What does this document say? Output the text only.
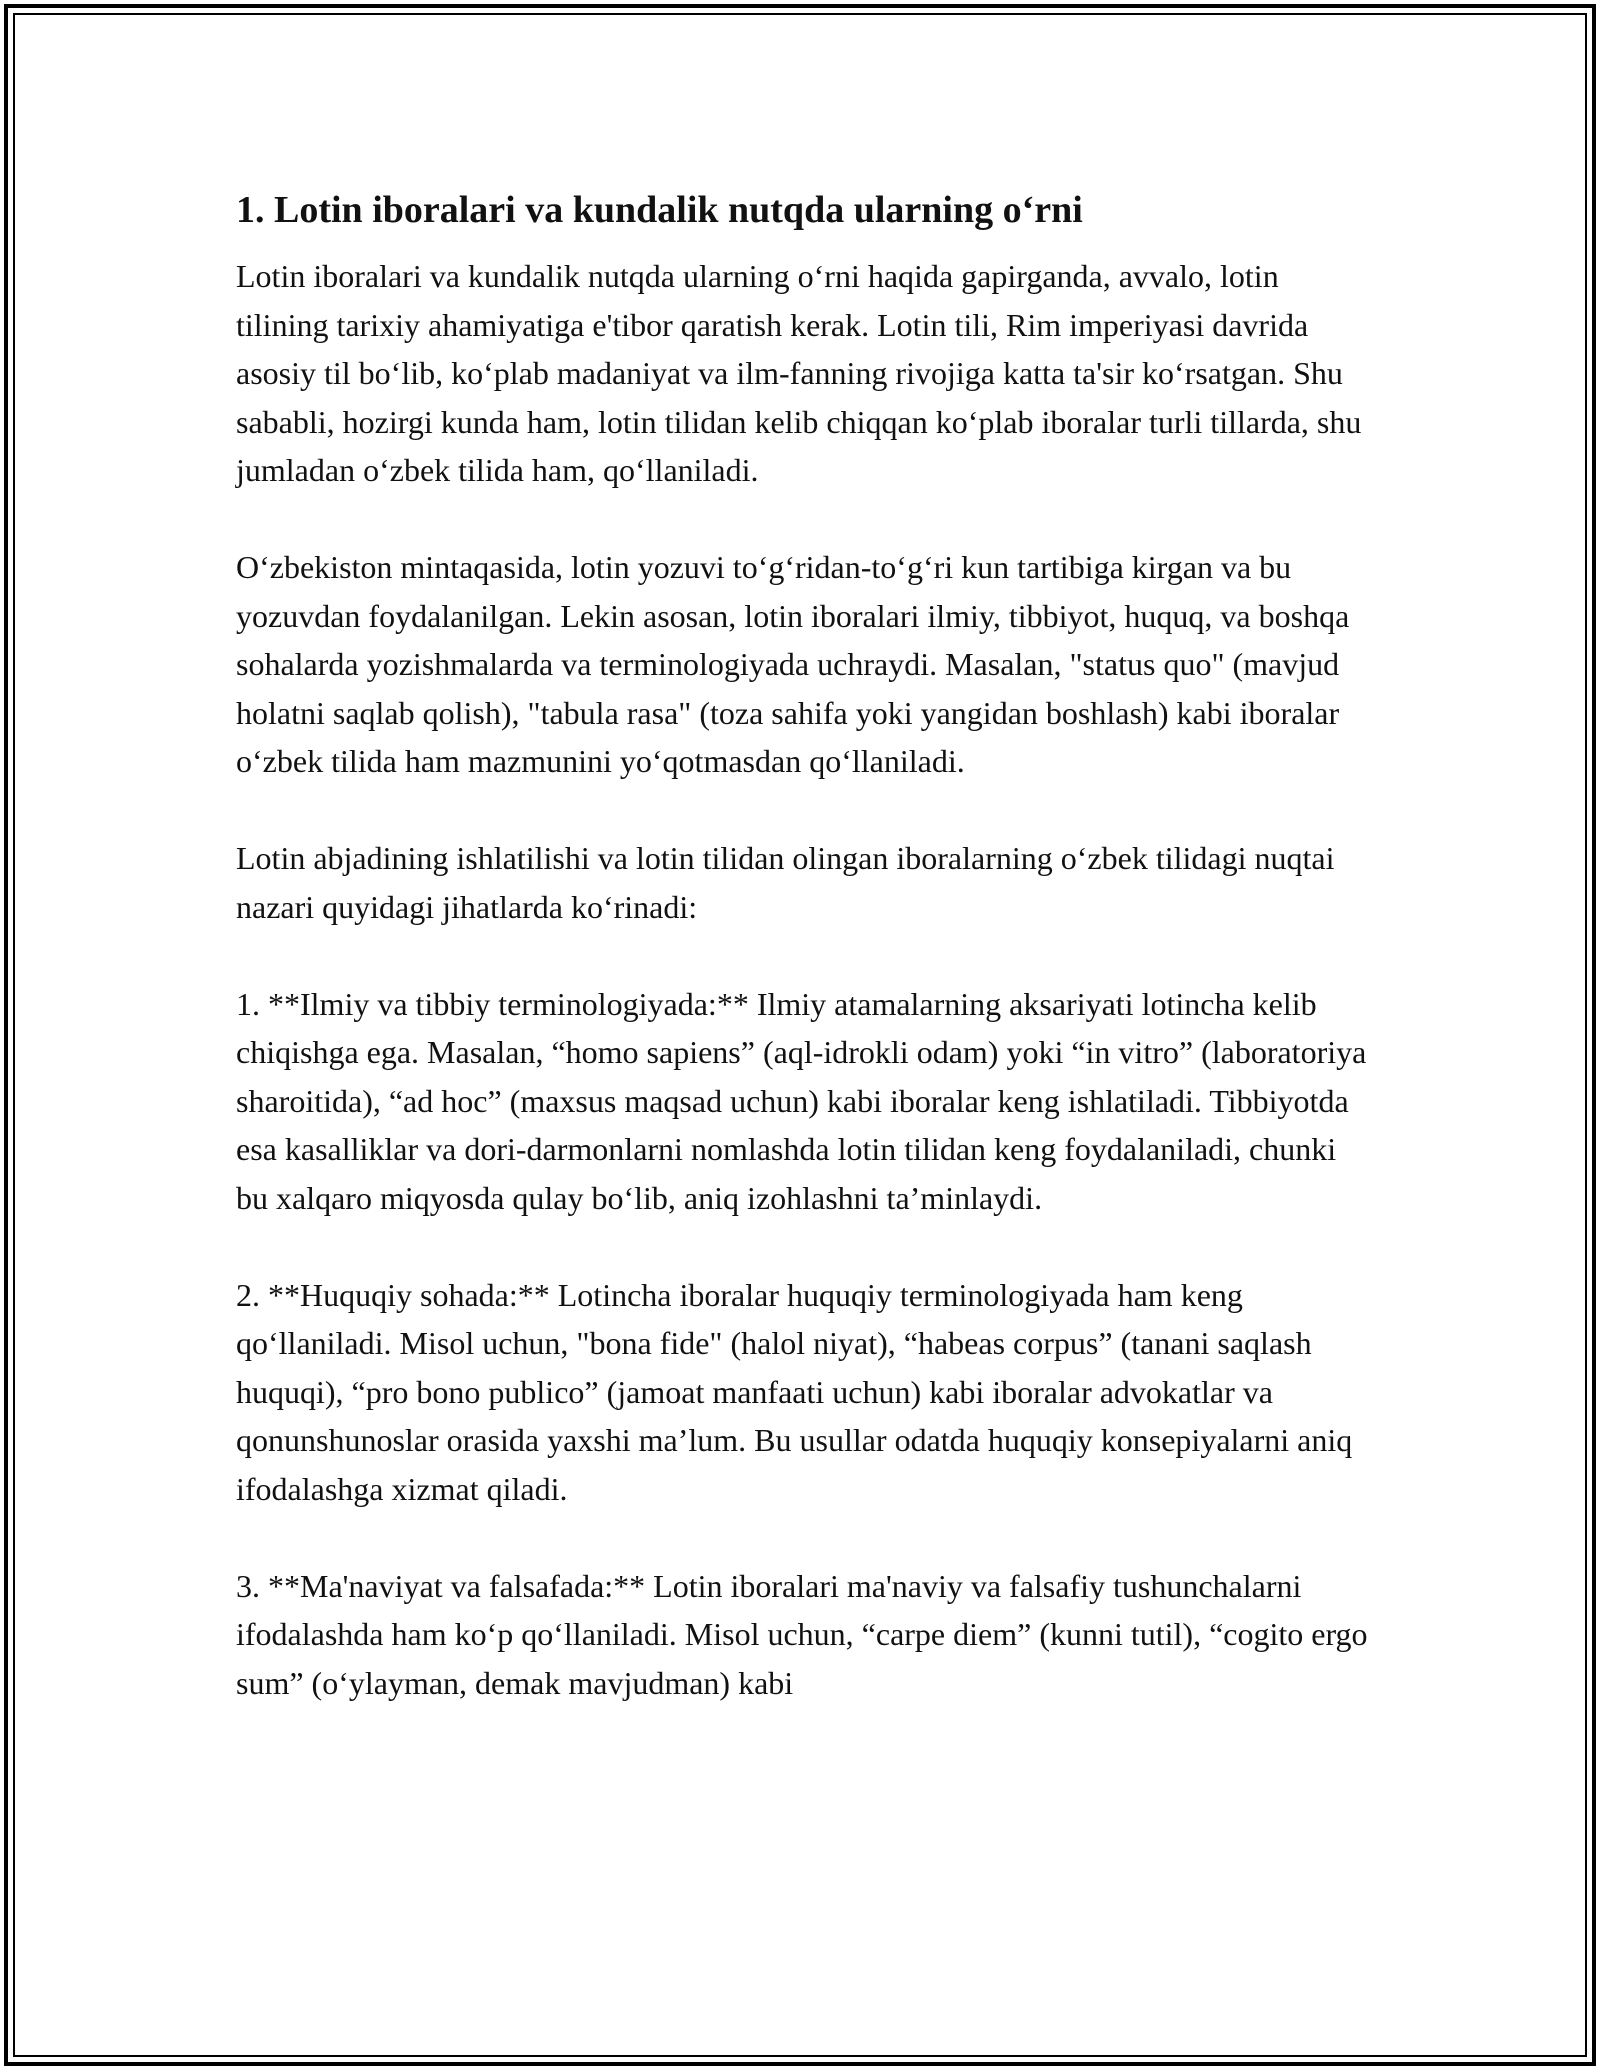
1. Lotin iboralari va kundalik nutqda ularning o‘rni

Lotin iboralari va kundalik nutqda ularning o‘rni haqida gapirganda, avvalo, lotin tilining tarixiy ahamiyatiga e'tibor qaratish kerak. Lotin tili, Rim imperiyasi davrida asosiy til bo‘lib, ko‘plab madaniyat va ilm-fanning rivojiga katta ta'sir ko‘rsatgan. Shu sababli, hozirgi kunda ham, lotin tilidan kelib chiqqan ko‘plab iboralar turli tillarda, shu jumladan o‘zbek tilida ham, qo‘llaniladi.

O‘zbekiston mintaqasida, lotin yozuvi to‘g‘ridan-to‘g‘ri kun tartibiga kirgan va bu yozuvdan foydalanilgan. Lekin asosan, lotin iboralari ilmiy, tibbiyot, huquq, va boshqa sohalarda yozishmalarda va terminologiyada uchraydi. Masalan, "status quo" (mavjud holatni saqlab qolish), "tabula rasa" (toza sahifa yoki yangidan boshlash) kabi iboralar o‘zbek tilida ham mazmunini yo‘qotmasdan qo‘llaniladi.

Lotin abjadining ishlatilishi va lotin tilidan olingan iboralarning o‘zbek tilidagi nuqtai nazari quyidagi jihatlarda ko‘rinadi:

1. **Ilmiy va tibbiy terminologiyada:** Ilmiy atamalarning aksariyati lotincha kelib chiqishga ega. Masalan, “homo sapiens” (aql-idrokli odam) yoki “in vitro” (laboratoriya sharoitida), “ad hoc” (maxsus maqsad uchun) kabi iboralar keng ishlatiladi. Tibbiyotda esa kasalliklar va dori-darmonlarni nomlashda lotin tilidan keng foydalaniladi, chunki bu xalqaro miqyosda qulay bo‘lib, aniq izohlashni ta’minlaydi.

2. **Huquqiy sohada:** Lotincha iboralar huquqiy terminologiyada ham keng qo‘llaniladi. Misol uchun, "bona fide" (halol niyat), “habeas corpus” (tanani saqlash huquqi), “pro bono publico” (jamoat manfaati uchun) kabi iboralar advokatlar va qonunshunoslar orasida yaxshi ma’lum. Bu usullar odatda huquqiy konsepiyalarni aniq ifodalashga xizmat qiladi.

3. **Ma'naviyat va falsafada:** Lotin iboralari ma'naviy va falsafiy tushunchalarni ifodalashda ham ko‘p qo‘llaniladi. Misol uchun, “carpe diem” (kunni tutil), “cogito ergo sum” (o‘ylayman, demak mavjudman) kabi
